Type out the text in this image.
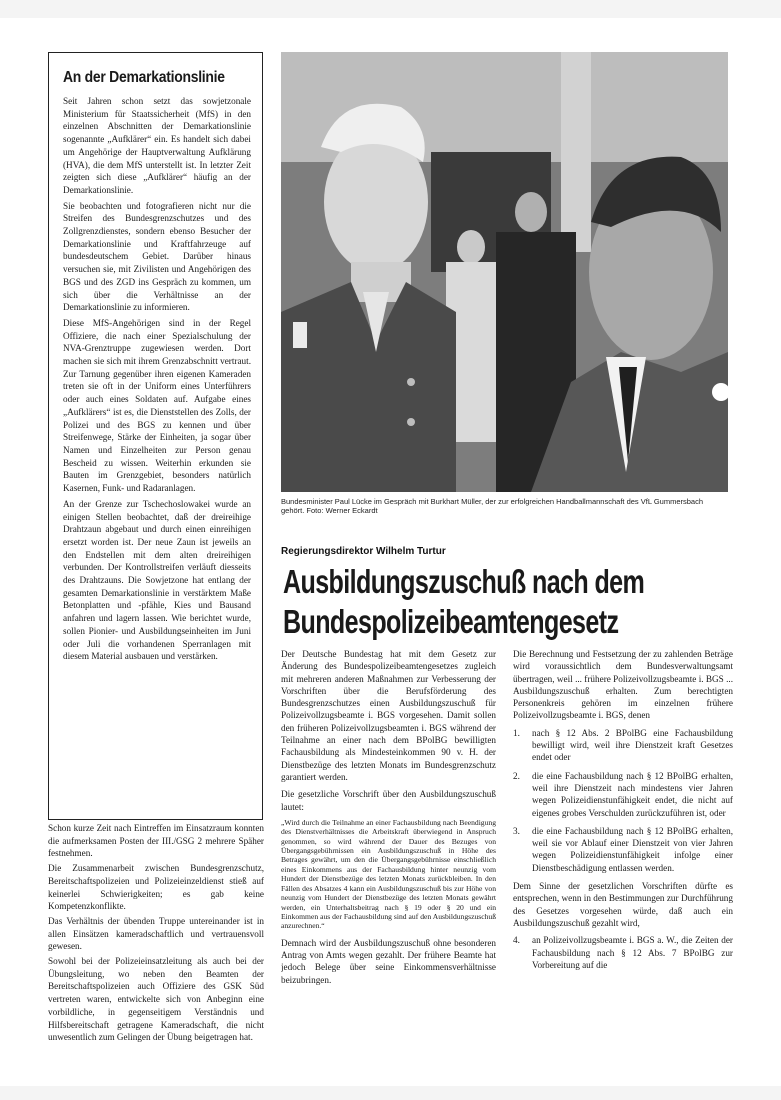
An der Demarkationslinie

Seit Jahren schon setzt das sowjetzonale Ministerium für Staatssicherheit (MfS) in den einzelnen Abschnitten der Demarkationslinie sogenannte „Aufklärer“ ein. Es handelt sich dabei um Angehörige der Hauptverwaltung Aufklärung (HVA), die dem MfS unterstellt ist. In letzter Zeit zeigten sich diese „Aufklärer“ häufig an der Demarkationslinie.

Sie beobachten und fotografieren nicht nur die Streifen des Bundesgrenzschutzes und des Zollgrenzdienstes, sondern ebenso Besucher der Demarkationslinie und Kraftfahrzeuge auf bundesdeutschem Gebiet. Darüber hinaus versuchen sie, mit Zivilisten und Angehörigen des BGS und des ZGD ins Gespräch zu kommen, um sich über die Verhältnisse an der Demarkationslinie zu informieren.

Diese MfS-Angehörigen sind in der Regel Offiziere, die nach einer Spezialschulung der NVA-Grenztruppe zugewiesen werden. Dort machen sie sich mit ihrem Grenzabschnitt vertraut. Zur Tarnung gegenüber ihren eigenen Kameraden treten sie oft in der Uniform eines Unterführers oder auch eines Soldaten auf. Aufgabe eines „Aufklärers“ ist es, die Dienststellen des Zolls, der Polizei und des BGS zu kennen und über Streifenwege, Stärke der Einheiten, ja sogar über Namen und Einzelheiten zur Person genau Bescheid zu wissen. Weiterhin erkunden sie Bauten im Grenzgebiet, besonders natürlich Kasernen, Funk- und Radaranlagen.

An der Grenze zur Tschechoslowakei wurde an einigen Stellen beobachtet, daß der dreireihige Drahtzaun abgebaut und durch einen einreihigen ersetzt worden ist. Der neue Zaun ist jeweils an den Endstellen mit dem alten dreireihigen verbunden. Der Kontrollstreifen verläuft diesseits des Drahtzauns. Die Sowjetzone hat entlang der gesamten Demarkationslinie in verstärktem Maße Betonplatten und -pfähle, Kies und Bausand anfahren und lagern lassen. Wie berichtet wurde, sollen Pionier- und Ausbildungseinheiten im Juni oder Juli die vorhandenen Sperranlagen mit diesem Material ausbauen und verstärken.

Schon kurze Zeit nach Eintreffen im Einsatzraum konnten die aufmerksamen Posten der III./GSG 2 mehrere Späher festnehmen.

Die Zusammenarbeit zwischen Bundesgrenzschutz, Bereitschaftspolizeien und Polizeieinzeldienst stieß auf keinerlei Schwierigkeiten; es gab keine Kompetenzkonflikte.

Das Verhältnis der übenden Truppe untereinander ist in allen Einsätzen kameradschaftlich und vertrauensvoll gewesen.

Sowohl bei der Polizeieinsatzleitung als auch bei der Übungsleitung, wo neben den Beamten der Bereitschaftspolizeien auch Offiziere des GSK Süd vertreten waren, entwickelte sich von Anbeginn eine vorbildliche, in gegenseitigem Verständnis und Hilfsbereitschaft getragene Kameradschaft, die nicht unwesentlich zum Gelingen der Übung beigetragen hat.

Bundesminister Paul Lücke im Gespräch mit Burkhart Müller, der zur erfolgreichen Handballmannschaft des VfL Gummersbach gehört. Foto: Werner Eckardt
Regierungsdirektor Wilhelm Turtur
Ausbildungszuschuß nach dem
Bundespolizeibeamtengesetz

Der Deutsche Bundestag hat mit dem Gesetz zur Änderung des Bundespolizeibeamtengesetzes zugleich mit mehreren anderen Maßnahmen zur Verbesserung der Vorschriften über die Berufsförderung des Bundesgrenzschutzes einen Ausbildungszuschuß für Polizeivollzugsbeamte i. BGS vorgesehen. Damit sollen den früheren Polizeivollzugsbeamten i. BGS während der Teilnahme an einer nach dem BPolBG bewilligten Fachausbildung als Mindesteinkommen 90 v. H. der Dienstbezüge des letzten Monats im Bundesgrenzschutz garantiert werden.

Die gesetzliche Vorschrift über den Ausbildungszuschuß lautet:

„Wird durch die Teilnahme an einer Fachausbildung nach Beendigung des Dienstverhältnisses die Arbeitskraft überwiegend in Anspruch genommen, so wird während der Dauer des Bezuges von Übergangsgebührnissen ein Ausbildungszuschuß in Höhe des Betrages gewährt, um den die Übergangsgebührnisse einschließlich eines Einkommens aus der Fachausbildung hinter neunzig vom Hundert der Dienstbezüge des letzten Monats zurückbleiben. In den Fällen des Absatzes 4 kann ein Ausbildungszuschuß bis zur Höhe von neunzig vom Hundert der Dienstbezüge des letzten Monats gewährt werden, ein Unterhaltsbeitrag nach § 19 oder § 20 und ein Einkommen aus der Fachausbildung sind auf den Ausbildungszuschuß anzurechnen.“

Demnach wird der Ausbildungszuschuß ohne besonderen Antrag von Amts wegen gezahlt. Der frühere Beamte hat jedoch Belege über seine Einkommensverhältnisse beizubringen.

Die Berechnung und Festsetzung der zu zahlenden Beträge wird voraussichtlich dem Bundesverwaltungsamt übertragen, weil ... frühere Polizeivollzugsbeamte i. BGS ... Ausbildungszuschuß erhalten. Zum berechtigten Personenkreis gehören im einzelnen frühere Polizeivollzugsbeamte i. BGS, denen

1.	nach § 12 Abs. 2 BPolBG eine Fachausbildung bewilligt wird, weil ihre Dienstzeit kraft Gesetzes endet oder
2.	die eine Fachausbildung nach § 12 BPolBG erhalten, weil ihre Dienstzeit nach mindestens vier Jahren wegen Polizeidienstunfähigkeit endet, die nicht auf eigenes grobes Verschulden zurückzuführen ist, oder
3.	die eine Fachausbildung nach § 12 BPolBG erhalten, weil sie vor Ablauf einer Dienstzeit von vier Jahren wegen Polizeidienstunfähigkeit infolge einer Dienstbeschädigung entlassen werden.

Dem Sinne der gesetzlichen Vorschriften dürfte es entsprechen, wenn in den Bestimmungen zur Durchführung des Gesetzes vorgesehen würde, daß auch ein Ausbildungszuschuß gezahlt wird,

4.	an Polizeivollzugsbeamte i. BGS a. W., die Zeiten der Fachausbildung nach § 12 Abs. 7 BPolBG zur Vorbereitung auf die
